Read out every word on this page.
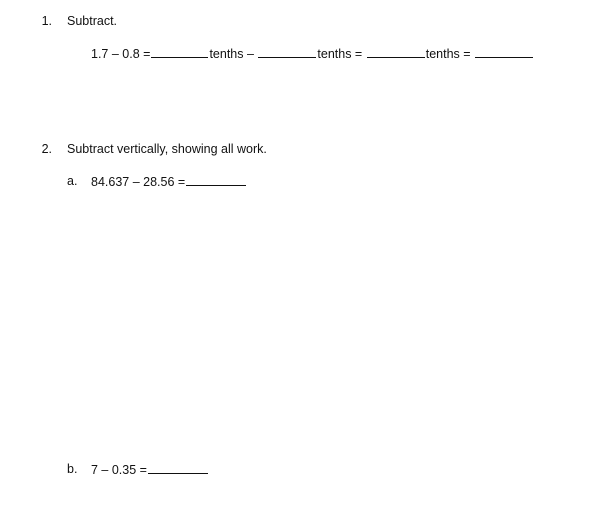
1. Subtract.
1.7 – 0.8 =	tenths –	tenths =	tenths =
2. Subtract vertically, showing all work.
a. 84.637 – 28.56 =
b. 7 – 0.35 =
